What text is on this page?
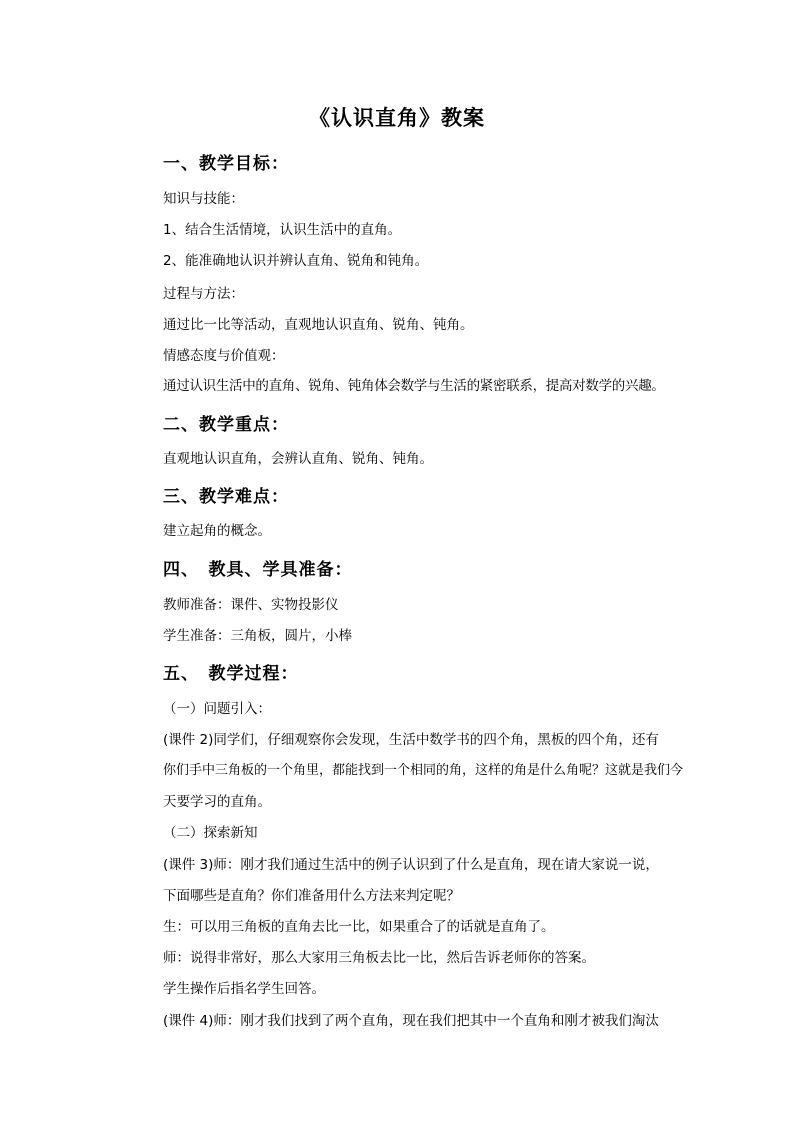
《认识直角》教案
一、教学目标：
知识与技能：
1、结合生活情境，认识生活中的直角。
2、能准确地认识并辨认直角、锐角和钝角。
过程与方法：
通过比一比等活动，直观地认识直角、锐角、钝角。
情感态度与价值观：
通过认识生活中的直角、锐角、钝角体会数学与生活的紧密联系，提高对数学的兴趣。
二、教学重点：
直观地认识直角，会辨认直角、锐角、钝角。
三、教学难点：
建立起角的概念。
四、　教具、学具准备：
教师准备：课件、实物投影仪
学生准备：三角板，圆片，小棒
五、　教学过程：
（一）问题引入：
(课件 2)同学们，仔细观察你会发现，生活中数学书的四个角，黑板的四个角，还有
你们手中三角板的一个角里，都能找到一个相同的角，这样的角是什么角呢？这就是我们今
天要学习的直角。
（二）探索新知
(课件 3)师：刚才我们通过生活中的例子认识到了什么是直角，现在请大家说一说，
下面哪些是直角？你们准备用什么方法来判定呢？
生：可以用三角板的直角去比一比，如果重合了的话就是直角了。
师：说得非常好，那么大家用三角板去比一比，然后告诉老师你的答案。
学生操作后指名学生回答。
(课件 4)师：刚才我们找到了两个直角，现在我们把其中一个直角和刚才被我们淘汰
